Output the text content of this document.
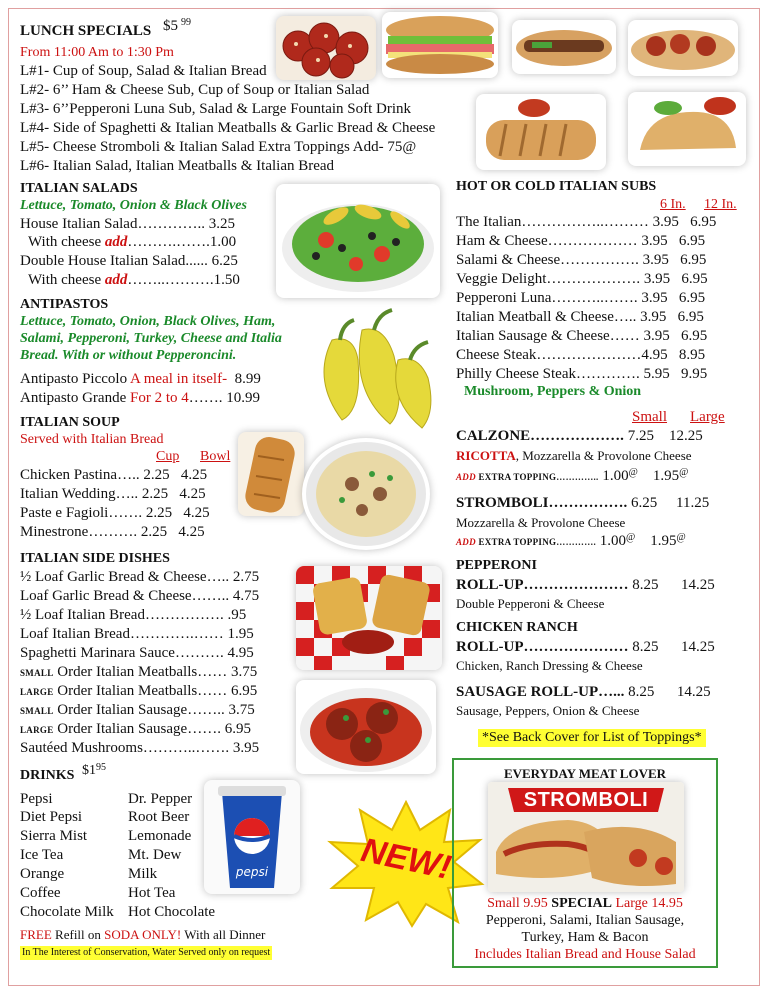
LUNCH SPECIALS $5 $^{99}$
From 11:00 Am to 1:30 Pm
L#1- Cup of Soup, Salad & Italian Bread
L#2- 6’’ Ham & Cheese Sub, Cup of Soup or Italian Salad
L#3- 6’’Pepperoni Luna Sub, Salad & Large Fountain Soft Drink
L#4- Side of Spaghetti & Italian Meatballs & Garlic Bread & Cheese
L#5- Cheese Stromboli & Italian Salad Extra Toppings Add- 75@
L#6- Italian Salad, Italian Meatballs & Italian Bread
ITALIAN SALADS
Lettuce, Tomato, Onion & Black Olives
House Italian Salad………….. 3.25
With cheese add……….…….1.00
Double House Italian Salad...... 6.25
With cheese add……..……….1.50
ANTIPASTOS
Lettuce, Tomato, Onion, Black Olives, Ham,
Salami, Pepperoni, Turkey, Cheese and Italia
Bread. With or without Pepperoncini.
Antipasto Piccolo A meal in itself- 8.99
Antipasto Grande For 2 to 4……. 10.99
ITALIAN SOUP
Served with Italian Bread
Cup Bowl
Chicken Pastina….. 2.25 4.25
Italian Wedding….. 2.25 4.25
Paste e Fagioli……. 2.25 4.25
Minestrone………. 2.25 4.25
ITALIAN SIDE DISHES
½ Loaf Garlic Bread & Cheese….. 2.75
Loaf Garlic Bread & Cheese…….. 4.75
½ Loaf Italian Bread……………. .95
Loaf Italian Bread………….…… 1.95
Spaghetti Marinara Sauce………. 4.95
SMALL Order Italian Meatballs…… 3.75
LARGE Order Italian Meatballs…… 6.95
SMALL Order Italian Sausage…….. 3.75
LARGE Order Italian Sausage……. 6.95
Sautéed Mushrooms………..……. 3.95
DRINKS $\$1^{95}$
Pepsi
Diet Pepsi
Sierra Mist
Ice Tea
Orange
Coffee
Chocolate Milk
Dr. Pepper
Root Beer
Lemonade
Mt. Dew
Milk
Hot Tea
Hot Chocolate
FREE Refill on SODA ONLY! With all Dinner
In The Interest of Conservation, Water Served only on request
pepsi	NEW!
HOT OR COLD ITALIAN SUBS
6 In. 12 In.
The Italian……………..……… 3.95 6.95
Ham & Cheese……………… 3.95 6.95
Salami & Cheese……………. 3.95 6.95
Veggie Delight………………. 3.95 6.95
Pepperoni Luna………..……. 3.95 6.95
Italian Meatball & Cheese….. 3.95 6.95
Italian Sausage & Cheese…… 3.95 6.95
Cheese Steak…………………4.95 8.95
Philly Cheese Steak…………. 5.95 9.95
Mushroom, Peppers & Onion
Small Large
CALZONE………………. 7.25 12.25
RICOTTA, Mozzarella & Provolone Cheese
ADD EXTRA TOPPING………….. 1.00@ 1.95@
STROMBOLI……………. 6.25 11.25
Mozzarella & Provolone Cheese
ADD EXTRA TOPPING…………. 1.00@ 1.95@
PEPPERONI
ROLL-UP………………… 8.25 14.25
Double Pepperoni & Cheese
CHICKEN RANCH
ROLL-UP………………… 8.25 14.25
Chicken, Ranch Dressing & Cheese
SAUSAGE ROLL-UP…... 8.25 14.25
Sausage, Peppers, Onion & Cheese
*See Back Cover for List of Toppings*
EVERYDAY MEAT LOVER
STROMBOLI
Small 9.95 SPECIAL Large 14.95
Pepperoni, Salami, Italian Sausage,
Turkey, Ham & Bacon
Includes Italian Bread and House Salad
